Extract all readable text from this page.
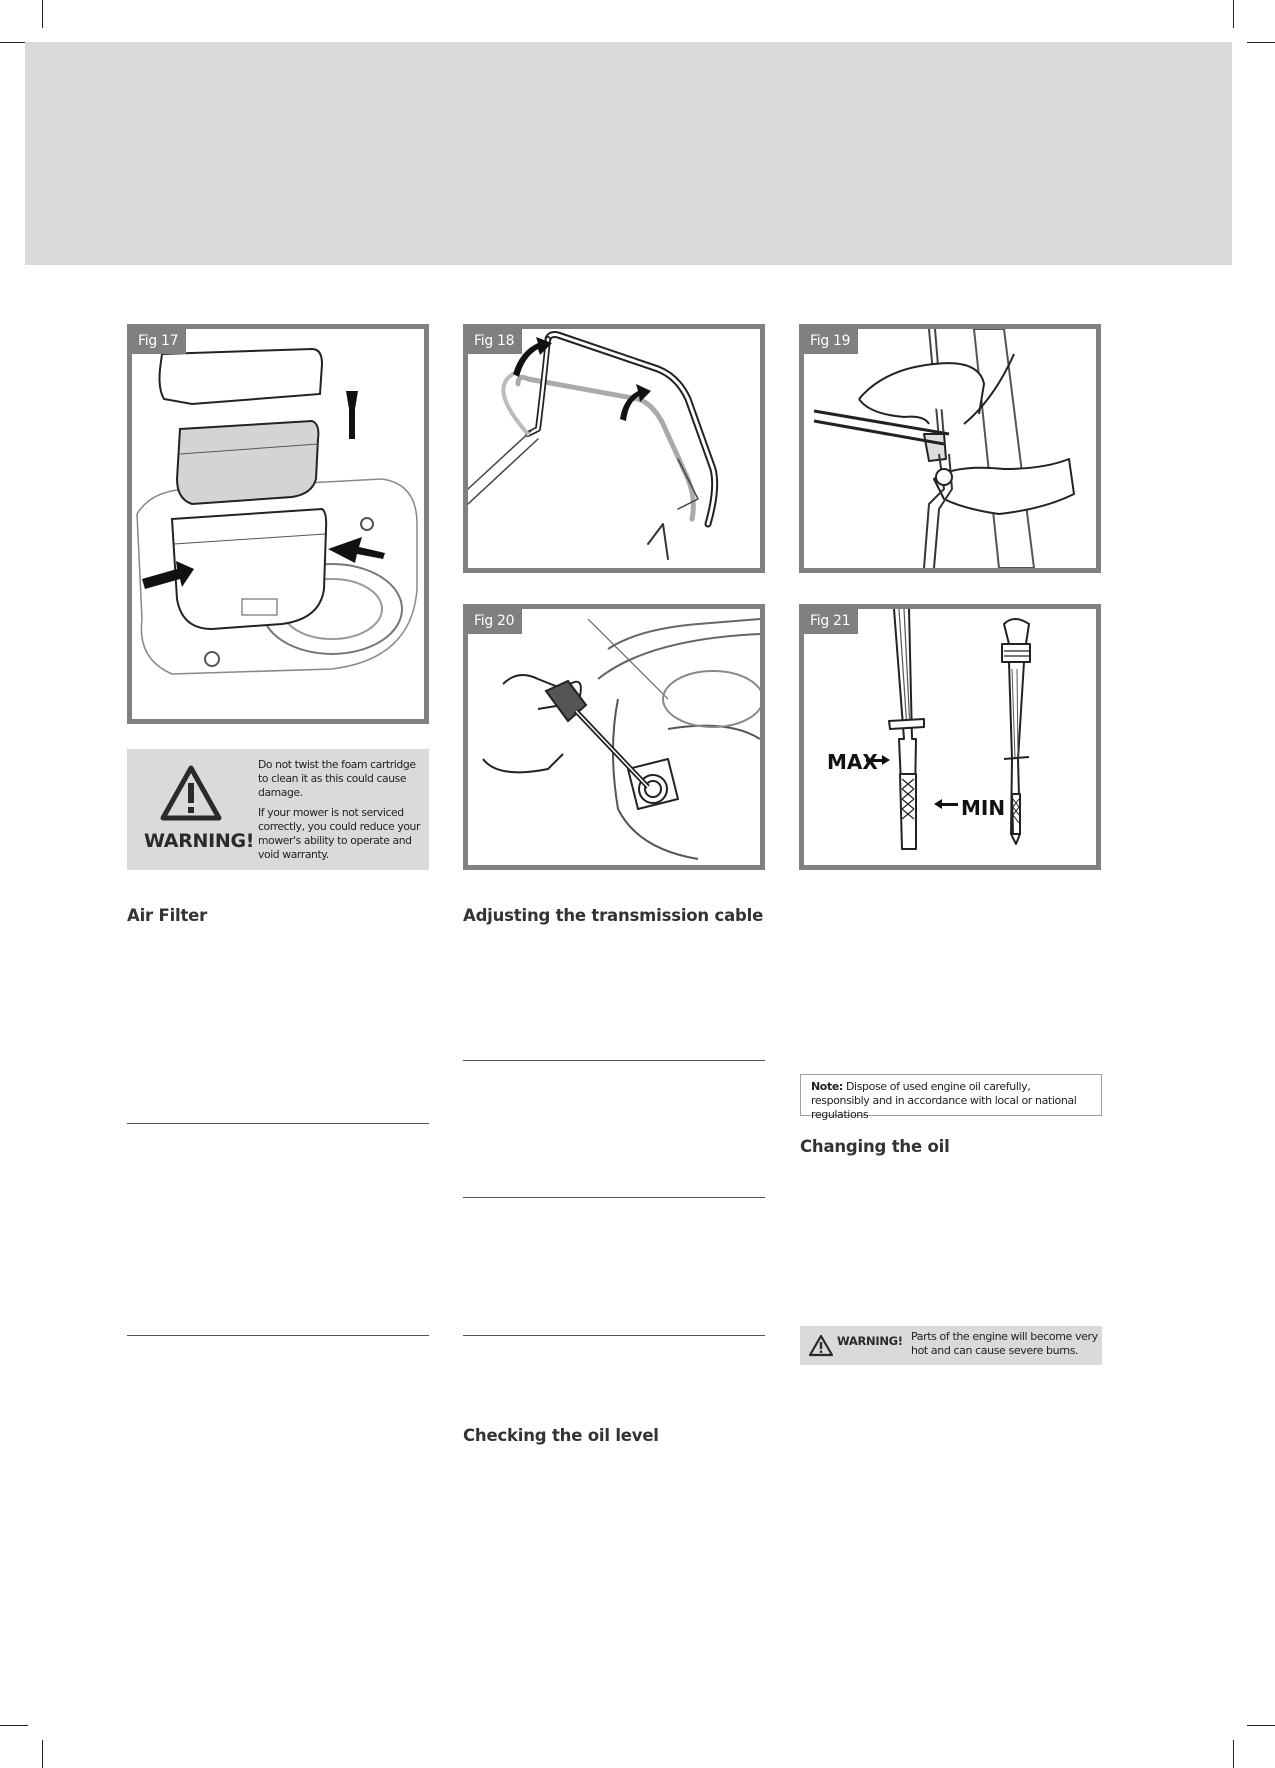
Fig 17	Fig 18	Fig 19
Fig 20	Fig 21
MAX
MIN
WARNING!

Do not twist the foam cartridge to clean it as this could cause damage.

If your mower is not serviced correctly, you could reduce your mower's ability to operate and void warranty.

Air Filter	Adjusting the transmission cable
Checking the oil level
Changing the oil
Note: Dispose of used engine oil carefully, responsibly and in accordance with local or national regulations
WARNING! Parts of the engine will become very hot and can cause severe burns.
